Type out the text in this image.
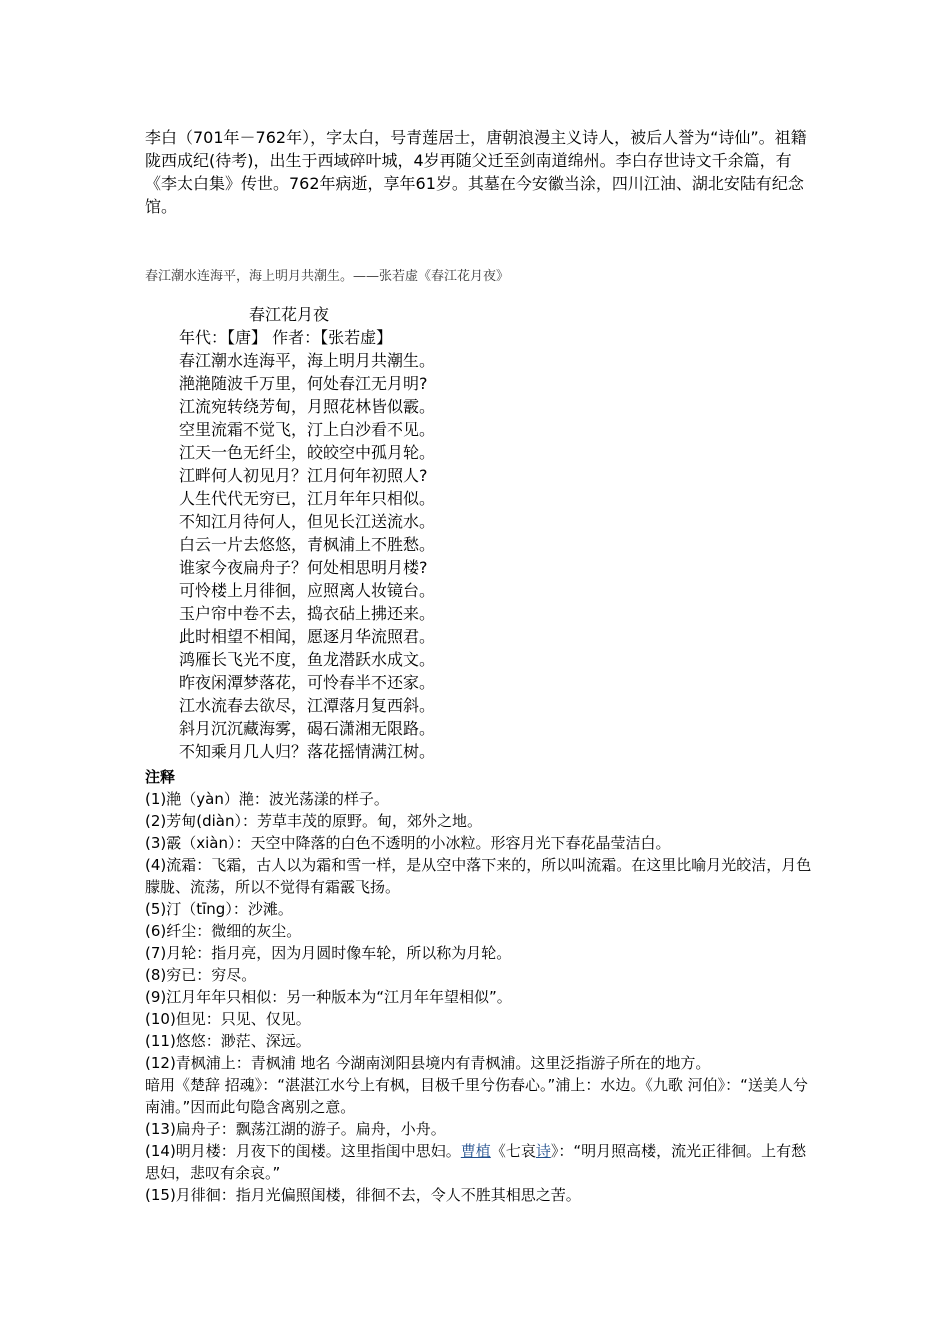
李白（701年－762年），字太白，号青莲居士，唐朝浪漫主义诗人，被后人誉为“诗仙”。祖籍陇西成纪(待考)，出生于西域碎叶城，4岁再随父迁至剑南道绵州。李白存世诗文千余篇，有《李太白集》传世。762年病逝，享年61岁。其墓在今安徽当涂，四川江油、湖北安陆有纪念馆。

春江潮水连海平，海上明月共潮生。——张若虚《春江花月夜》

春江花月夜

年代：【唐】 作者：【张若虚】

春江潮水连海平，海上明月共潮生。

滟滟随波千万里，何处春江无月明?

江流宛转绕芳甸，月照花林皆似霰。

空里流霜不觉飞，汀上白沙看不见。

江天一色无纤尘，皎皎空中孤月轮。

江畔何人初见月？江月何年初照人?

人生代代无穷已，江月年年只相似。

不知江月待何人，但见长江送流水。

白云一片去悠悠，青枫浦上不胜愁。

谁家今夜扁舟子？何处相思明月楼?

可怜楼上月徘徊，应照离人妆镜台。

玉户帘中卷不去，捣衣砧上拂还来。

此时相望不相闻，愿逐月华流照君。

鸿雁长飞光不度，鱼龙潜跃水成文。

昨夜闲潭梦落花，可怜春半不还家。

江水流春去欲尽，江潭落月复西斜。

斜月沉沉藏海雾，碣石潇湘无限路。

不知乘月几人归？落花摇情满江树。

注释

(1)滟（yàn）滟：波光荡漾的样子。

(2)芳甸(diàn）：芳草丰茂的原野。甸，郊外之地。

(3)霰（xiàn）：天空中降落的白色不透明的小冰粒。形容月光下春花晶莹洁白。

(4)流霜：飞霜，古人以为霜和雪一样，是从空中落下来的，所以叫流霜。在这里比喻月光皎洁，月色朦胧、流荡，所以不觉得有霜霰飞扬。

(5)汀（tīng）：沙滩。

(6)纤尘：微细的灰尘。

(7)月轮：指月亮，因为月圆时像车轮，所以称为月轮。

(8)穷已：穷尽。

(9)江月年年只相似：另一种版本为“江月年年望相似”。

(10)但见：只见、仅见。

(11)悠悠：渺茫、深远。

(12)青枫浦上：青枫浦 地名 今湖南浏阳县境内有青枫浦。这里泛指游子所在的地方。

暗用《楚辞 招魂》：“湛湛江水兮上有枫，目极千里兮伤春心。”浦上：水边。《九歌 河伯》：“送美人兮南浦。”因而此句隐含离别之意。

(13)扁舟子：飘荡江湖的游子。扁舟，小舟。

(14)明月楼：月夜下的闺楼。这里指闺中思妇。曹植《七哀诗》：“明月照高楼，流光正徘徊。上有愁思妇，悲叹有余哀。”

(15)月徘徊：指月光偏照闺楼，徘徊不去，令人不胜其相思之苦。
